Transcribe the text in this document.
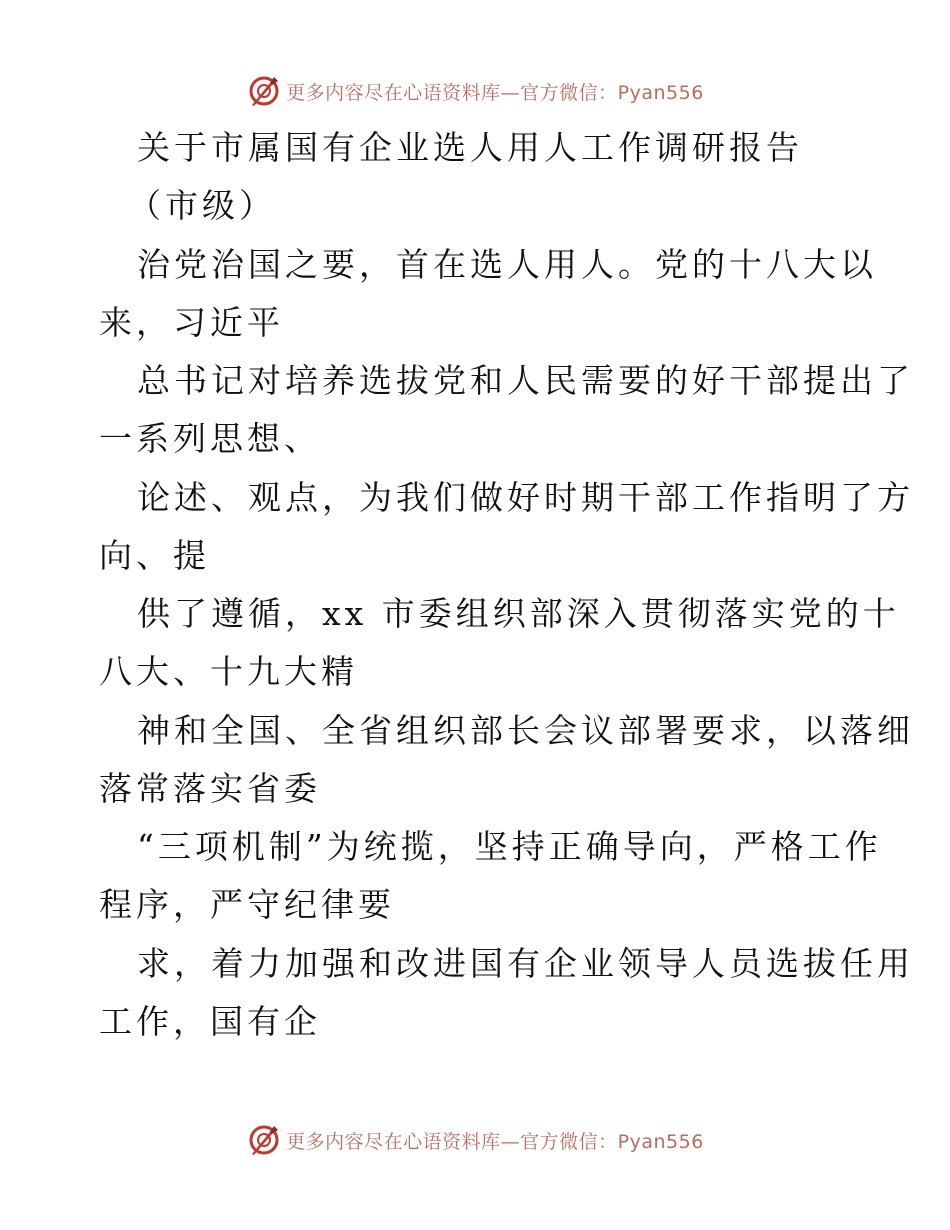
更多内容尽在心语资料库—官方微信：Pyan556
关于市属国有企业选人用人工作调研报告
（市级）
治党治国之要，首在选人用人。党的十八大以
来，习近平
总书记对培养选拔党和人民需要的好干部提出了
一系列思想、
论述、观点，为我们做好时期干部工作指明了方
向、提
供了遵循，xx 市委组织部深入贯彻落实党的十
八大、十九大精
神和全国、全省组织部长会议部署要求，以落细
落常落实省委
“三项机制”为统揽，坚持正确导向，严格工作
程序，严守纪律要
求，着力加强和改进国有企业领导人员选拔任用
工作，国有企
更多内容尽在心语资料库—官方微信：Pyan556
